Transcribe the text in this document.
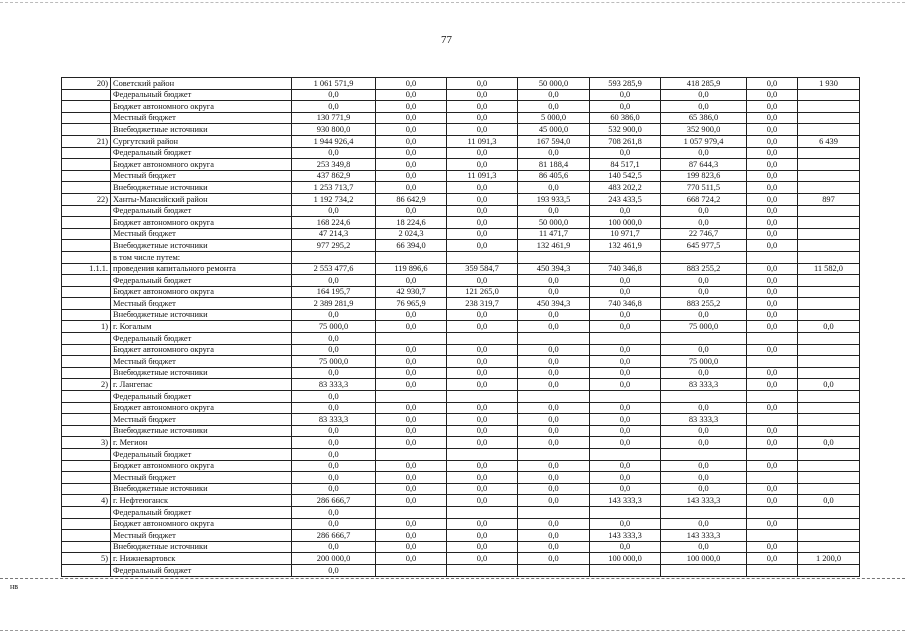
77
20)	Советский район	1 061 571,9	0,0	0,0	50 000,0	593 285,9	418 285,9	0,0	1 930
	Федеральный бюджет	0,0	0,0	0,0	0,0	0,0	0,0	0,0	
	Бюджет автономного округа	0,0	0,0	0,0	0,0	0,0	0,0	0,0	
	Местный бюджет	130 771,9	0,0	0,0	5 000,0	60 386,0	65 386,0	0,0	
	Внебюджетные источники	930 800,0	0,0	0,0	45 000,0	532 900,0	352 900,0	0,0	
21)	Сургутский район	1 944 926,4	0,0	11 091,3	167 594,0	708 261,8	1 057 979,4	0,0	6 439
	Федеральный бюджет	0,0	0,0	0,0	0,0	0,0	0,0	0,0	
	Бюджет автономного округа	253 349,8	0,0	0,0	81 188,4	84 517,1	87 644,3	0,0	
	Местный бюджет	437 862,9	0,0	11 091,3	86 405,6	140 542,5	199 823,6	0,0	
	Внебюджетные источники	1 253 713,7	0,0	0,0	0,0	483 202,2	770 511,5	0,0	
22)	Ханты-Мансийский район	1 192 734,2	86 642,9	0,0	193 933,5	243 433,5	668 724,2	0,0	897
	Федеральный бюджет	0,0	0,0	0,0	0,0	0,0	0,0	0,0	
	Бюджет автономного округа	168 224,6	18 224,6	0,0	50 000,0	100 000,0	0,0	0,0	
	Местный бюджет	47 214,3	2 024,3	0,0	11 471,7	10 971,7	22 746,7	0,0	
	Внебюджетные источники	977 295,2	66 394,0	0,0	132 461,9	132 461,9	645 977,5	0,0	
	в том числе путем:								
1.1.1.	проведения капитального ремонта	2 553 477,6	119 896,6	359 584,7	450 394,3	740 346,8	883 255,2	0,0	11 582,0
	Федеральный бюджет	0,0	0,0	0,0	0,0	0,0	0,0	0,0	
	Бюджет автономного округа	164 195,7	42 930,7	121 265,0	0,0	0,0	0,0	0,0	
	Местный бюджет	2 389 281,9	76 965,9	238 319,7	450 394,3	740 346,8	883 255,2	0,0	
	Внебюджетные источники	0,0	0,0	0,0	0,0	0,0	0,0	0,0	
1)	г. Когалым	75 000,0	0,0	0,0	0,0	0,0	75 000,0	0,0	0,0
	Федеральный бюджет	0,0							
	Бюджет автономного округа	0,0	0,0	0,0	0,0	0,0	0,0	0,0	
	Местный бюджет	75 000,0	0,0	0,0	0,0	0,0	75 000,0		
	Внебюджетные источники	0,0	0,0	0,0	0,0	0,0	0,0	0,0	
2)	г. Лангепас	83 333,3	0,0	0,0	0,0	0,0	83 333,3	0,0	0,0
	Федеральный бюджет	0,0							
	Бюджет автономного округа	0,0	0,0	0,0	0,0	0,0	0,0	0,0	
	Местный бюджет	83 333,3	0,0	0,0	0,0	0,0	83 333,3		
	Внебюджетные источники	0,0	0,0	0,0	0,0	0,0	0,0	0,0	
3)	г. Мегион	0,0	0,0	0,0	0,0	0,0	0,0	0,0	0,0
	Федеральный бюджет	0,0							
	Бюджет автономного округа	0,0	0,0	0,0	0,0	0,0	0,0	0,0	
	Местный бюджет	0,0	0,0	0,0	0,0	0,0	0,0		
	Внебюджетные источники	0,0	0,0	0,0	0,0	0,0	0,0	0,0	
4)	г. Нефтеюганск	286 666,7	0,0	0,0	0,0	143 333,3	143 333,3	0,0	0,0
	Федеральный бюджет	0,0							
	Бюджет автономного округа	0,0	0,0	0,0	0,0	0,0	0,0	0,0	
	Местный бюджет	286 666,7	0,0	0,0	0,0	143 333,3	143 333,3		
	Внебюджетные источники	0,0	0,0	0,0	0,0	0,0	0,0	0,0	
5)	г. Нижневартовск	200 000,0	0,0	0,0	0,0	100 000,0	100 000,0	0,0	1 200,0
	Федеральный бюджет	0,0							
нв
